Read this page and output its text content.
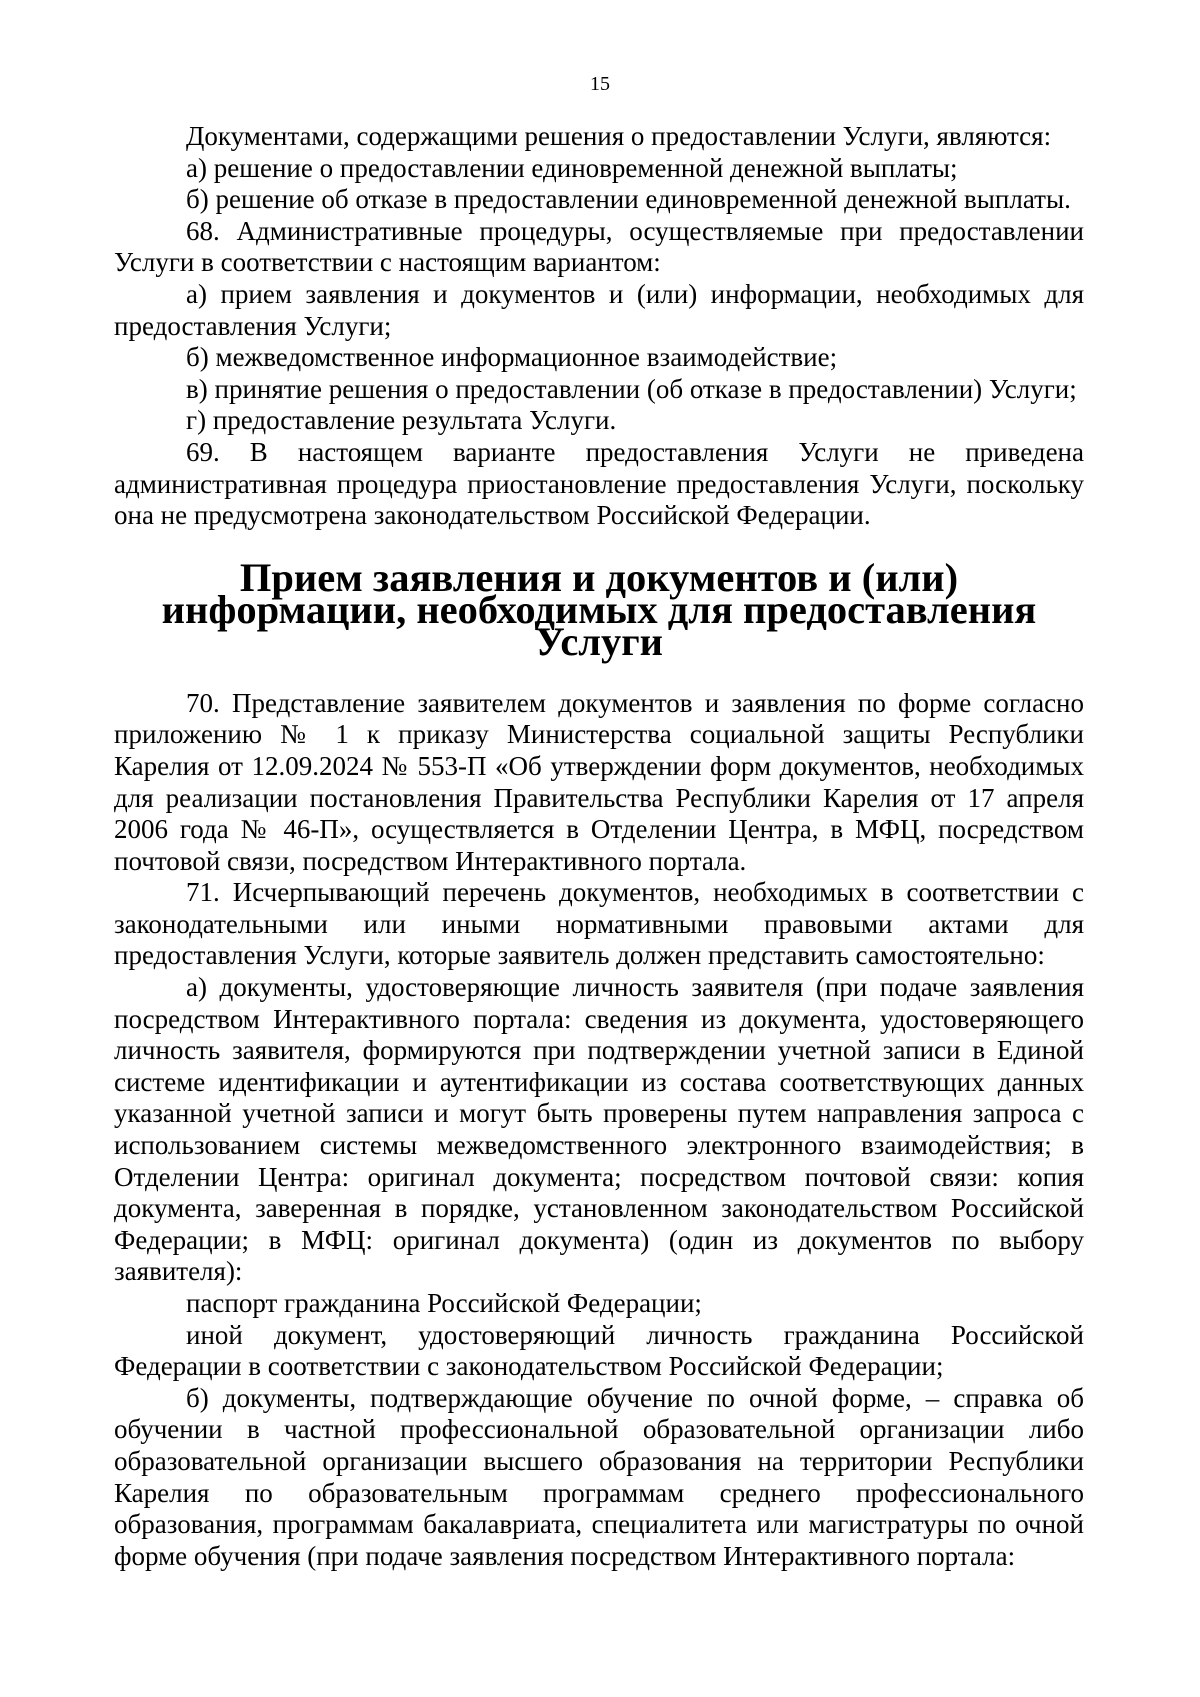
15

Документами, содержащими решения о предоставлении Услуги, являются:

а) решение о предоставлении единовременной денежной выплаты;

б) решение об отказе в предоставлении единовременной денежной выплаты.

68. Административные процедуры, осуществляемые при предоставлении Услуги в соответствии с настоящим вариантом:

а) прием заявления и документов и (или) информации, необходимых для предоставления Услуги;

б) межведомственное информационное взаимодействие;

в) принятие решения о предоставлении (об отказе в предоставлении) Услуги;

г) предоставление результата Услуги.

69. В настоящем варианте предоставления Услуги не приведена административная процедура приостановление предоставления Услуги, поскольку она не предусмотрена законодательством Российской Федерации.

Прием заявления и документов и (или) информации, необходимых для предоставления Услуги

70. Представление заявителем документов и заявления по форме согласно приложению № 1 к приказу Министерства социальной защиты Республики Карелия от 12.09.2024 № 553-П «Об утверждении форм документов, необходимых для реализации постановления Правительства Республики Карелия от 17 апреля 2006 года № 46-П», осуществляется в Отделении Центра, в МФЦ, посредством почтовой связи, посредством Интерактивного портала.

71. Исчерпывающий перечень документов, необходимых в соответствии с законодательными или иными нормативными правовыми актами для предоставления Услуги, которые заявитель должен представить самостоятельно:

а) документы, удостоверяющие личность заявителя (при подаче заявления посредством Интерактивного портала: сведения из документа, удостоверяющего личность заявителя, формируются при подтверждении учетной записи в Единой системе идентификации и аутентификации из состава соответствующих данных указанной учетной записи и могут быть проверены путем направления запроса с использованием системы межведомственного электронного взаимодействия; в Отделении Центра: оригинал документа; посредством почтовой связи: копия документа, заверенная в порядке, установленном законодательством Российской Федерации; в МФЦ: оригинал документа) (один из документов по выбору заявителя):

паспорт гражданина Российской Федерации;

иной документ, удостоверяющий личность гражданина Российской Федерации в соответствии с законодательством Российской Федерации;

б) документы, подтверждающие обучение по очной форме, – справка об обучении в частной профессиональной образовательной организации либо образовательной организации высшего образования на территории Республики Карелия по образовательным программам среднего профессионального образования, программам бакалавриата, специалитета или магистратуры по очной форме обучения (при подаче заявления посредством Интерактивного портала:
